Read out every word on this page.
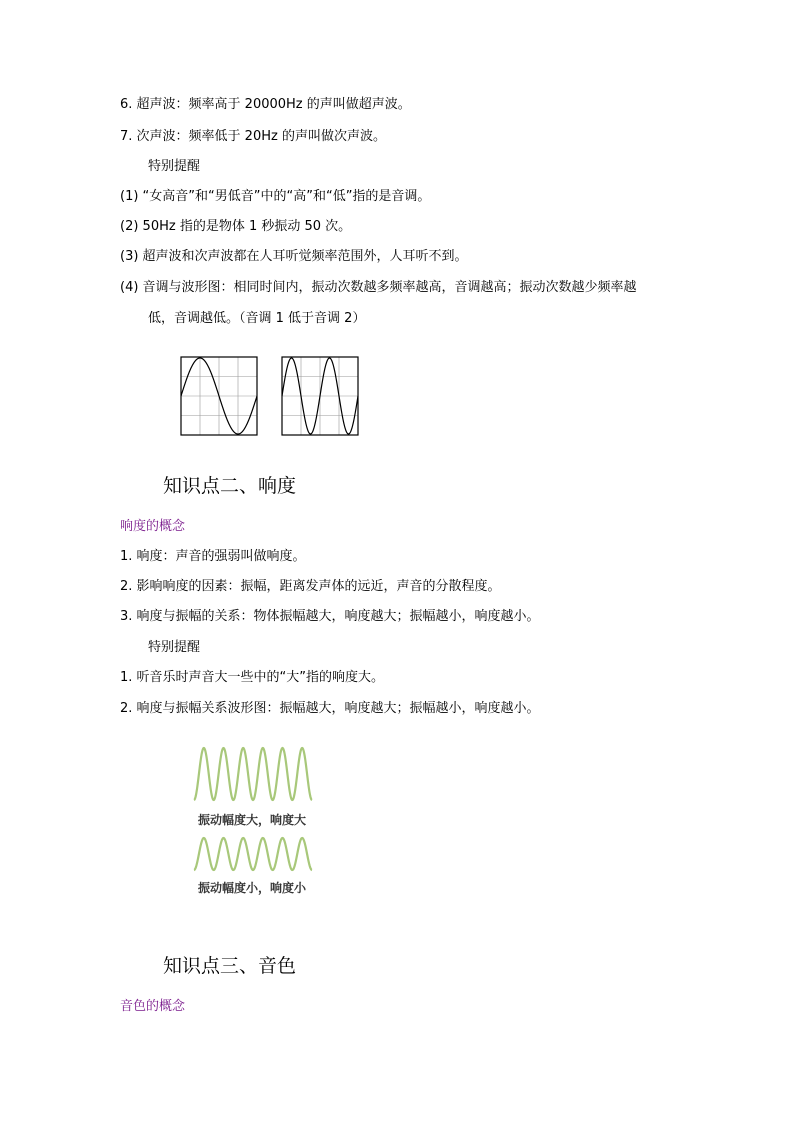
6. 超声波：频率高于 20000Hz 的声叫做超声波。
7. 次声波：频率低于 20Hz 的声叫做次声波。
特别提醒
(1) “女高音”和“男低音”中的“高”和“低”指的是音调。
(2) 50Hz 指的是物体 1 秒振动 50 次。
(3) 超声波和次声波都在人耳听觉频率范围外，人耳听不到。
(4) 音调与波形图：相同时间内，振动次数越多频率越高，音调越高；振动次数越少频率越
低，音调越低。（音调 1 低于音调 2）
知识点二、响度
响度的概念
1. 响度：声音的强弱叫做响度。
2. 影响响度的因素：振幅，距离发声体的远近，声音的分散程度。
3. 响度与振幅的关系：物体振幅越大，响度越大；振幅越小，响度越小。
特别提醒
1. 听音乐时声音大一些中的“大”指的响度大。
2. 响度与振幅关系波形图：振幅越大，响度越大；振幅越小，响度越小。
振动幅度大，响度大
振动幅度小，响度小
知识点三、音色
音色的概念
